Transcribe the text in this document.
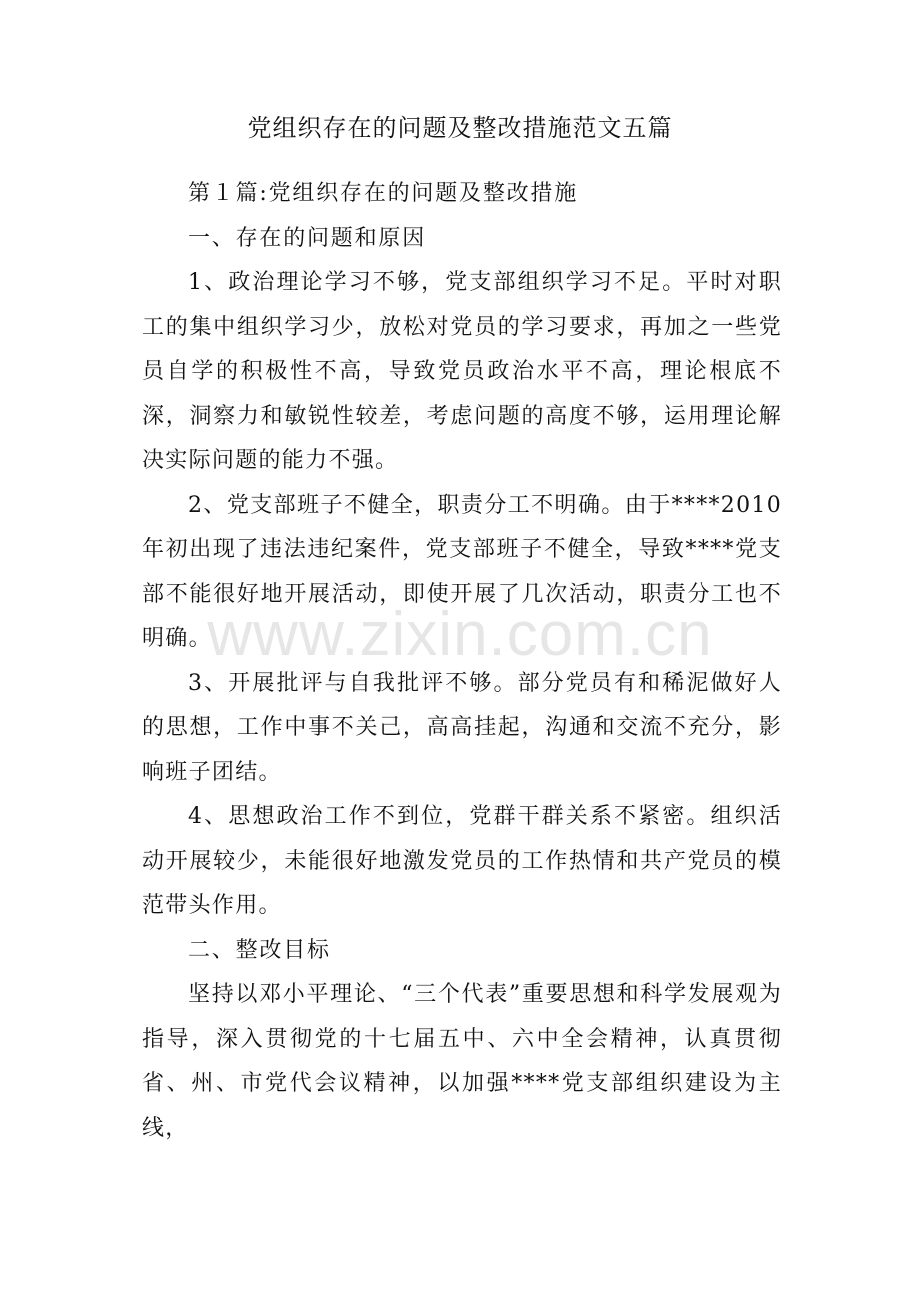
党组织存在的问题及整改措施范文五篇

第１篇:党组织存在的问题及整改措施

一、存在的问题和原因

1、政治理论学习不够，党支部组织学习不足。平时对职工的集中组织学习少，放松对党员的学习要求，再加之一些党员自学的积极性不高，导致党员政治水平不高，理论根底不深，洞察力和敏锐性较差，考虑问题的高度不够，运用理论解决实际问题的能力不强。

2、党支部班子不健全，职责分工不明确。由于****2010年初出现了违法违纪案件，党支部班子不健全，导致****党支部不能很好地开展活动，即使开展了几次活动，职责分工也不明确。

3、开展批评与自我批评不够。部分党员有和稀泥做好人的思想，工作中事不关己，高高挂起，沟通和交流不充分，影响班子团结。

4、思想政治工作不到位，党群干群关系不紧密。组织活动开展较少，未能很好地激发党员的工作热情和共产党员的模范带头作用。

二、整改目标

坚持以邓小平理论、“三个代表”重要思想和科学发展观为指导，深入贯彻党的十七届五中、六中全会精神，认真贯彻省、州、市党代会议精神，以加强****党支部组织建设为主线，

www.zixin.com.cn
